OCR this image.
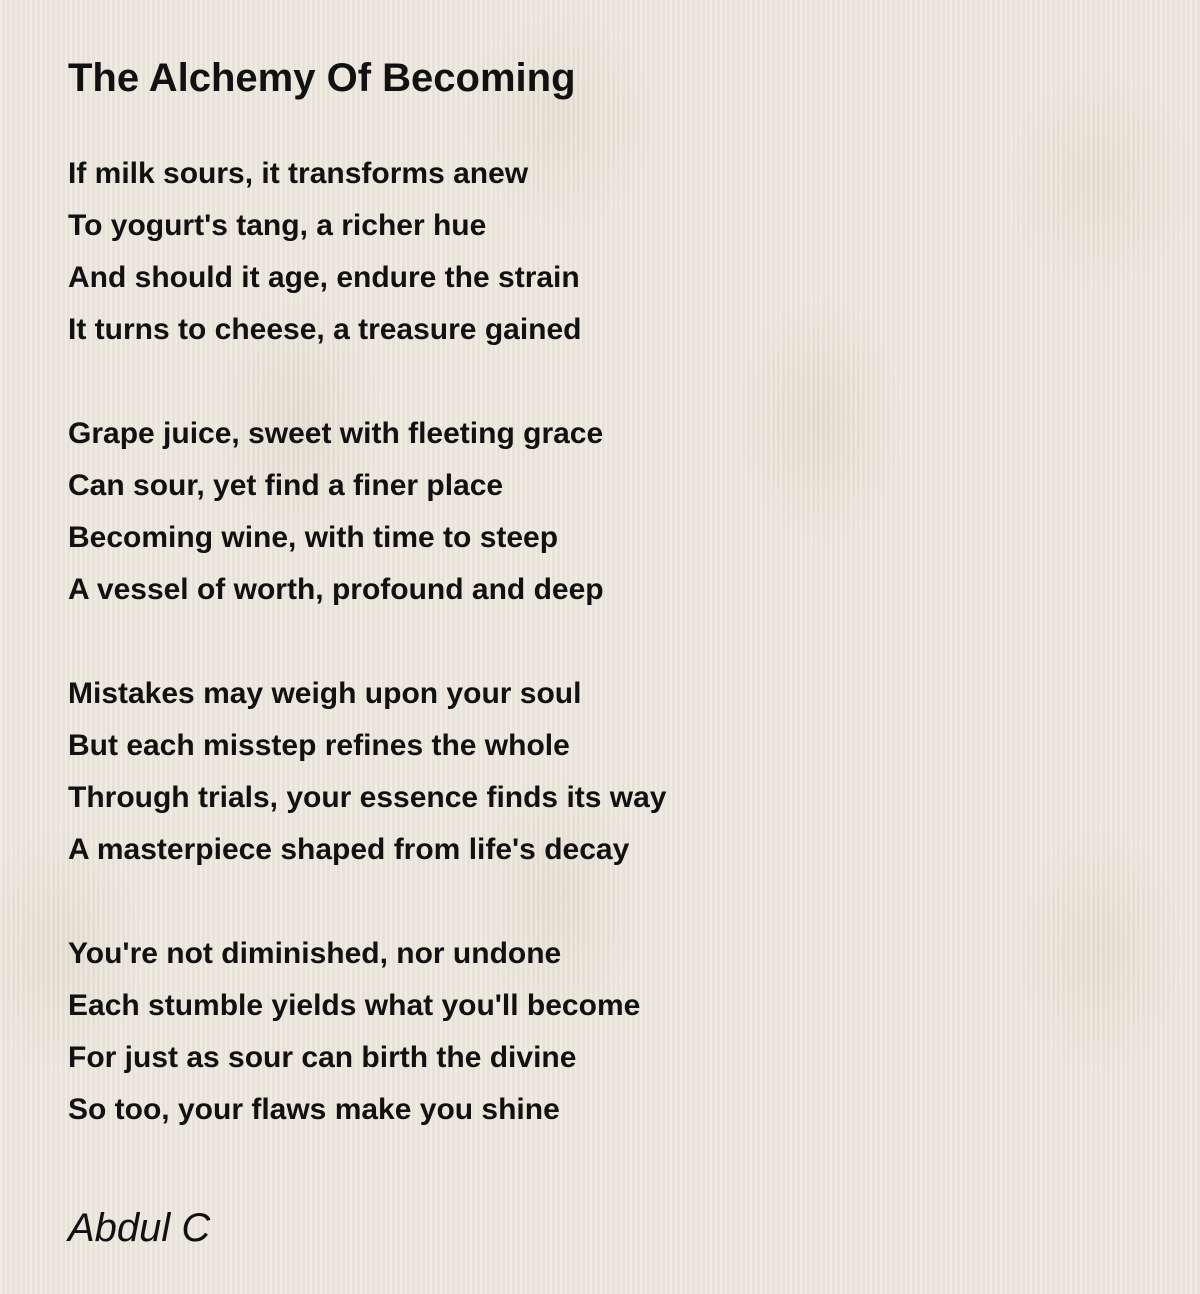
The Alchemy Of Becoming
If milk sours, it transforms anew
To yogurt's tang, a richer hue
And should it age, endure the strain
It turns to cheese, a treasure gained
Grape juice, sweet with fleeting grace
Can sour, yet find a finer place
Becoming wine, with time to steep
A vessel of worth, profound and deep
Mistakes may weigh upon your soul
But each misstep refines the whole
Through trials, your essence finds its way
A masterpiece shaped from life's decay
You're not diminished, nor undone
Each stumble yields what you'll become
For just as sour can birth the divine
So too, your flaws make you shine
Abdul C
